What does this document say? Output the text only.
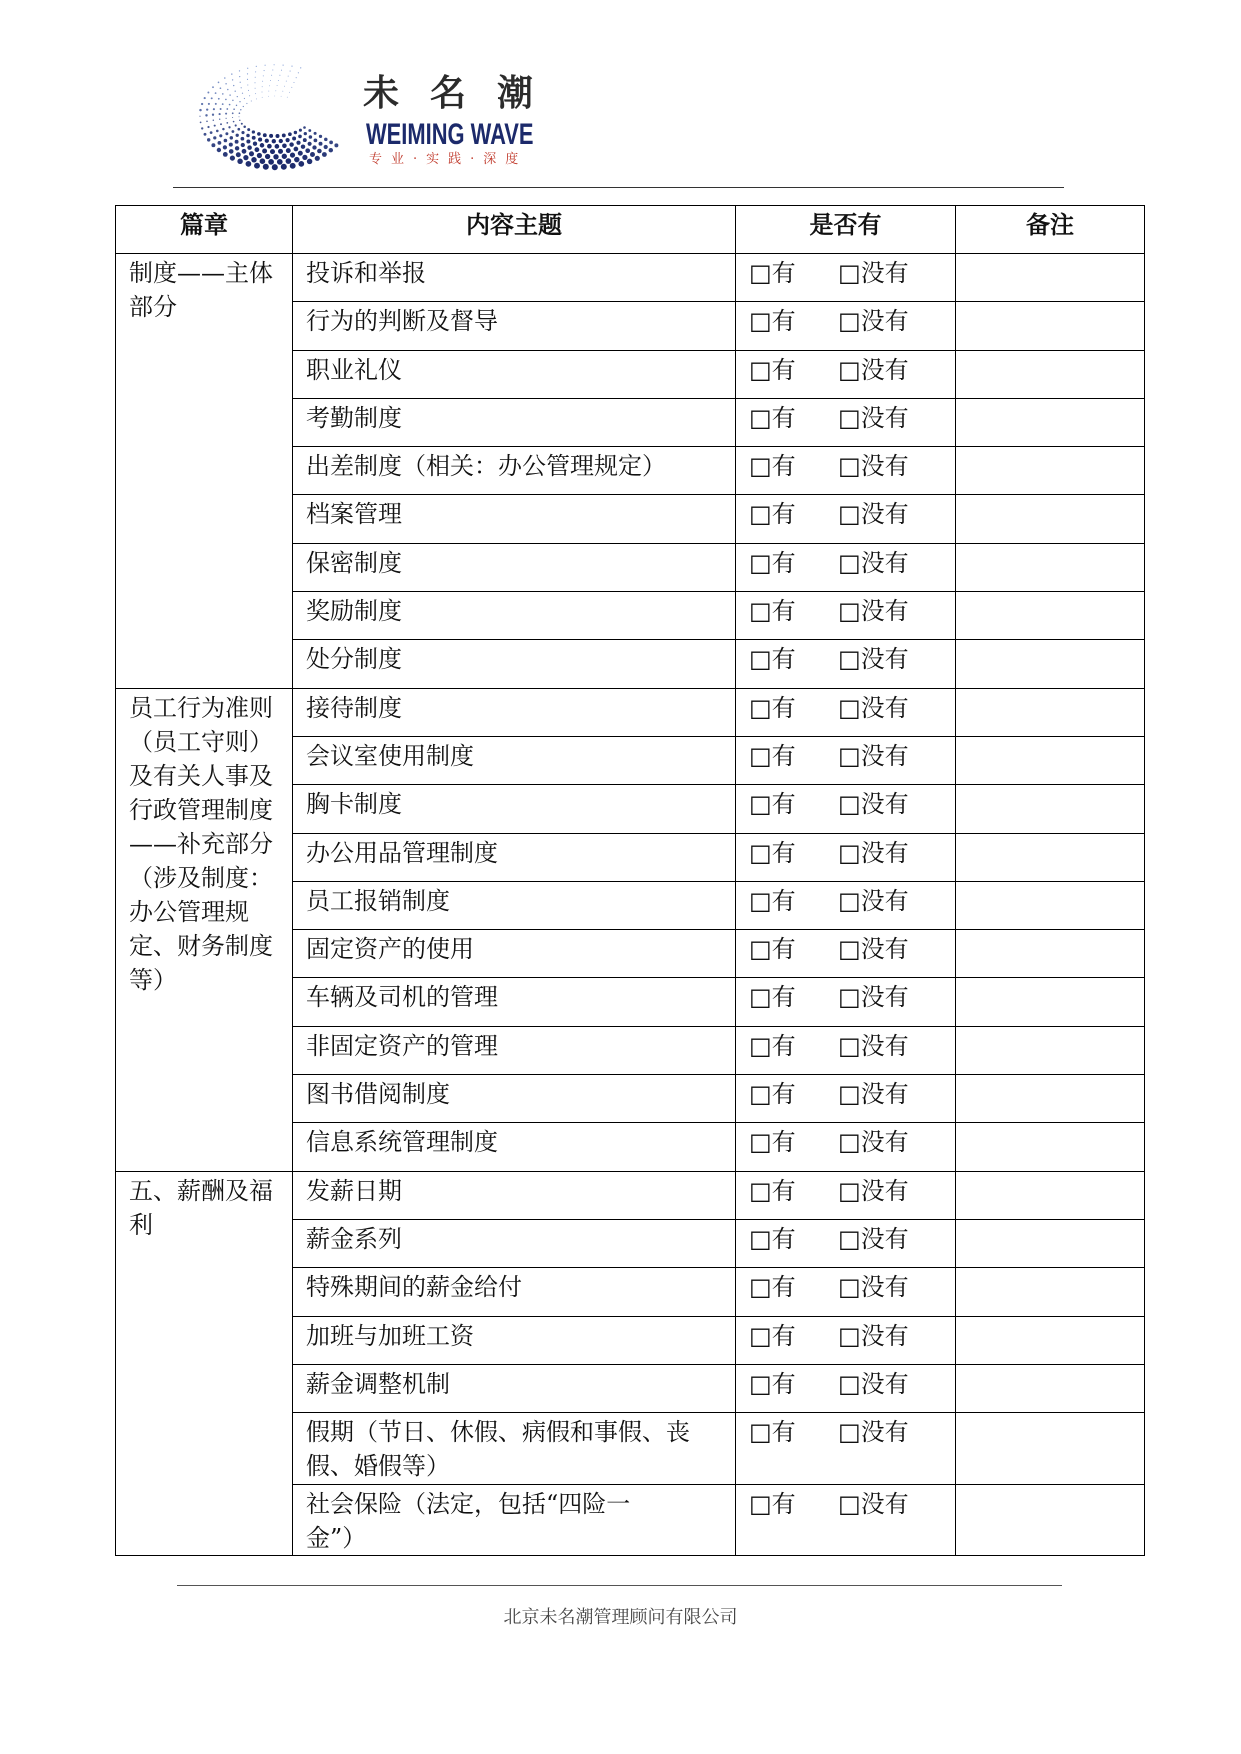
未名潮
WEIMING WAVE
专业·实践·深度
篇章	内容主题	是否有	备注
制度——主体部分	投诉和举报	□有 □没有	

	行为的判断及督导	□有 □没有	

	职业礼仪	□有 □没有	

	考勤制度	□有 □没有	

	出差制度（相关：办公管理规定）	□有 □没有	

	档案管理	□有 □没有	

	保密制度	□有 □没有	

	奖励制度	□有 □没有	

	处分制度	□有 □没有	
员工行为准则（员工守则）及有关人事及行政管理制度——补充部分（涉及制度：办公管理规定、财务制度等）	接待制度	□有 □没有	

	会议室使用制度	□有 □没有	

	胸卡制度	□有 □没有	

	办公用品管理制度	□有 □没有	

	员工报销制度	□有 □没有	

	固定资产的使用	□有 □没有	

	车辆及司机的管理	□有 □没有	

	非固定资产的管理	□有 □没有	

	图书借阅制度	□有 □没有	

	信息系统管理制度	□有 □没有	
五、薪酬及福利	发薪日期	□有 □没有	

	薪金系列	□有 □没有	

	特殊期间的薪金给付	□有 □没有	

	加班与加班工资	□有 □没有	

	薪金调整机制	□有 □没有	

	假期（节日、休假、病假和事假、丧假、婚假等）	□有 □没有	

	社会保险（法定，包括“四险一金”）	□有 □没有	
北京未名潮管理顾问有限公司
